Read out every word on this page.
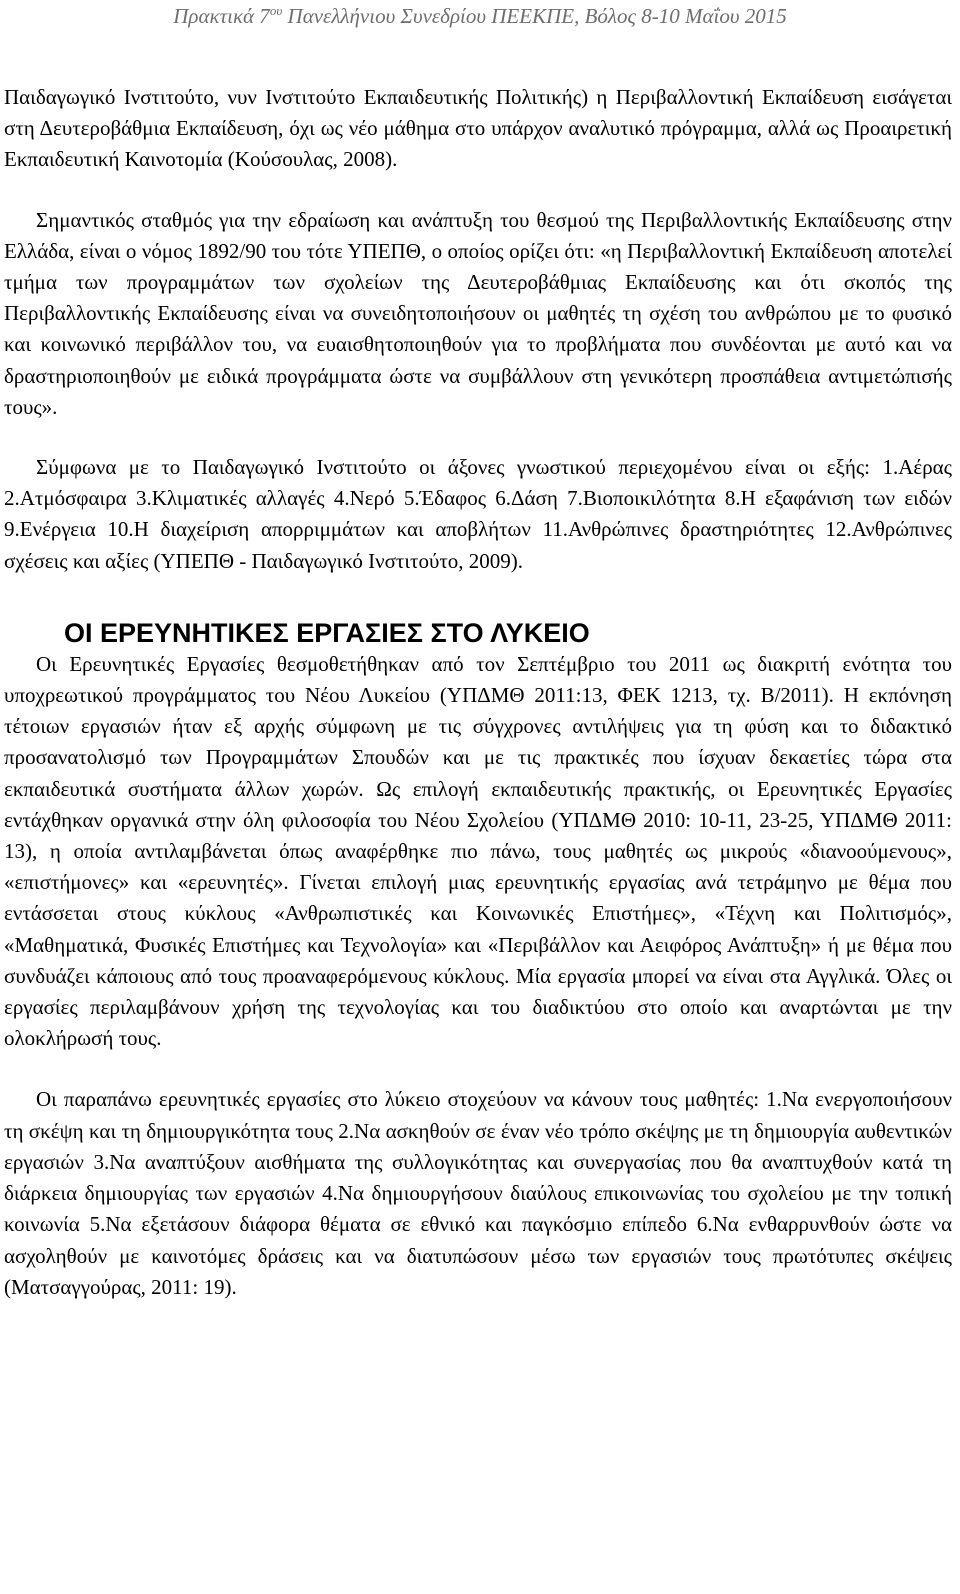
Πρακτικά $7^{o\upsilon}$ Πανελλήνιου Συνεδρίου ΠΕΕΚΠΕ, Βόλος 8-10 Μαΐου 2015

Παιδαγωγικό Ινστιτούτο, νυν Ινστιτούτο Εκπαιδευτικής Πολιτικής) η Περιβαλλοντική Εκπαίδευση εισάγεται στη Δευτεροβάθμια Εκπαίδευση, όχι ως νέο μάθημα στο υπάρχον αναλυτικό πρόγραμμα, αλλά ως Προαιρετική Εκπαιδευτική Καινοτομία (Κούσουλας, 2008).

Σημαντικός σταθμός για την εδραίωση και ανάπτυξη του θεσμού της Περιβαλλοντικής Εκπαίδευσης στην Ελλάδα, είναι ο νόμος 1892/90 του τότε ΥΠΕΠΘ, ο οποίος ορίζει ότι: «η Περιβαλλοντική Εκπαίδευση αποτελεί τμήμα των προγραμμάτων των σχολείων της Δευτεροβάθμιας Εκπαίδευσης και ότι σκοπός της Περιβαλλοντικής Εκπαίδευσης είναι να συνειδητοποιήσουν οι μαθητές τη σχέση του ανθρώπου με το φυσικό και κοινωνικό περιβάλλον του, να ευαισθητοποιηθούν για το προβλήματα που συνδέονται με αυτό και να δραστηριοποιηθούν με ειδικά προγράμματα ώστε να συμβάλλουν στη γενικότερη προσπάθεια αντιμετώπισής τους».

Σύμφωνα με το Παιδαγωγικό Ινστιτούτο οι άξονες γνωστικού περιεχομένου είναι οι εξής: 1.Αέρας 2.Ατμόσφαιρα 3.Κλιματικές αλλαγές 4.Νερό 5.Έδαφος 6.Δάση 7.Βιοποικιλότητα 8.Η εξαφάνιση των ειδών 9.Ενέργεια 10.Η διαχείριση απορριμμάτων και αποβλήτων 11.Ανθρώπινες δραστηριότητες 12.Ανθρώπινες σχέσεις και αξίες (ΥΠΕΠΘ - Παιδαγωγικό Ινστιτούτο, 2009).

ΟΙ ΕΡΕΥΝΗΤΙΚΕΣ ΕΡΓΑΣΙΕΣ ΣΤΟ ΛΥΚΕΙΟ

Οι Ερευνητικές Εργασίες θεσμοθετήθηκαν από τον Σεπτέμβριο του 2011 ως διακριτή ενότητα του υποχρεωτικού προγράμματος του Νέου Λυκείου (ΥΠΔΜΘ 2011:13, ΦΕΚ 1213, τχ. Β/2011). Η εκπόνηση τέτοιων εργασιών ήταν εξ αρχής σύμφωνη με τις σύγχρονες αντιλήψεις για τη φύση και το διδακτικό προσανατολισμό των Προγραμμάτων Σπουδών και με τις πρακτικές που ίσχυαν δεκαετίες τώρα στα εκπαιδευτικά συστήματα άλλων χωρών. Ως επιλογή εκπαιδευτικής πρακτικής, οι Ερευνητικές Εργασίες εντάχθηκαν οργανικά στην όλη φιλοσοφία του Νέου Σχολείου (ΥΠΔΜΘ 2010: 10-11, 23-25, ΥΠΔΜΘ 2011: 13), η οποία αντιλαμβάνεται όπως αναφέρθηκε πιο πάνω, τους μαθητές ως μικρούς «διανοούμενους», «επιστήμονες» και «ερευνητές». Γίνεται επιλογή μιας ερευνητικής εργασίας ανά τετράμηνο με θέμα που εντάσσεται στους κύκλους «Ανθρωπιστικές και Κοινωνικές Επιστήμες», «Τέχνη και Πολιτισμός», «Μαθηματικά, Φυσικές Επιστήμες και Τεχνολογία» και «Περιβάλλον και Αειφόρος Ανάπτυξη» ή με θέμα που συνδυάζει κάποιους από τους προαναφερόμενους κύκλους. Μία εργασία μπορεί να είναι στα Αγγλικά. Όλες οι εργασίες περιλαμβάνουν χρήση της τεχνολογίας και του διαδικτύου στο οποίο και αναρτώνται με την ολοκλήρωσή τους.

Οι παραπάνω ερευνητικές εργασίες στο λύκειο στοχεύουν να κάνουν τους μαθητές: 1.Να ενεργοποιήσουν τη σκέψη και τη δημιουργικότητα τους 2.Να ασκηθούν σε έναν νέο τρόπο σκέψης με τη δημιουργία αυθεντικών εργασιών 3.Να αναπτύξουν αισθήματα της συλλογικότητας και συνεργασίας που θα αναπτυχθούν κατά τη διάρκεια δημιουργίας των εργασιών 4.Να δημιουργήσουν διαύλους επικοινωνίας του σχολείου με την τοπική κοινωνία 5.Να εξετάσουν διάφορα θέματα σε εθνικό και παγκόσμιο επίπεδο 6.Να ενθαρρυνθούν ώστε να ασχοληθούν με καινοτόμες δράσεις και να διατυπώσουν μέσω των εργασιών τους πρωτότυπες σκέψεις (Ματσαγγούρας, 2011: 19).
